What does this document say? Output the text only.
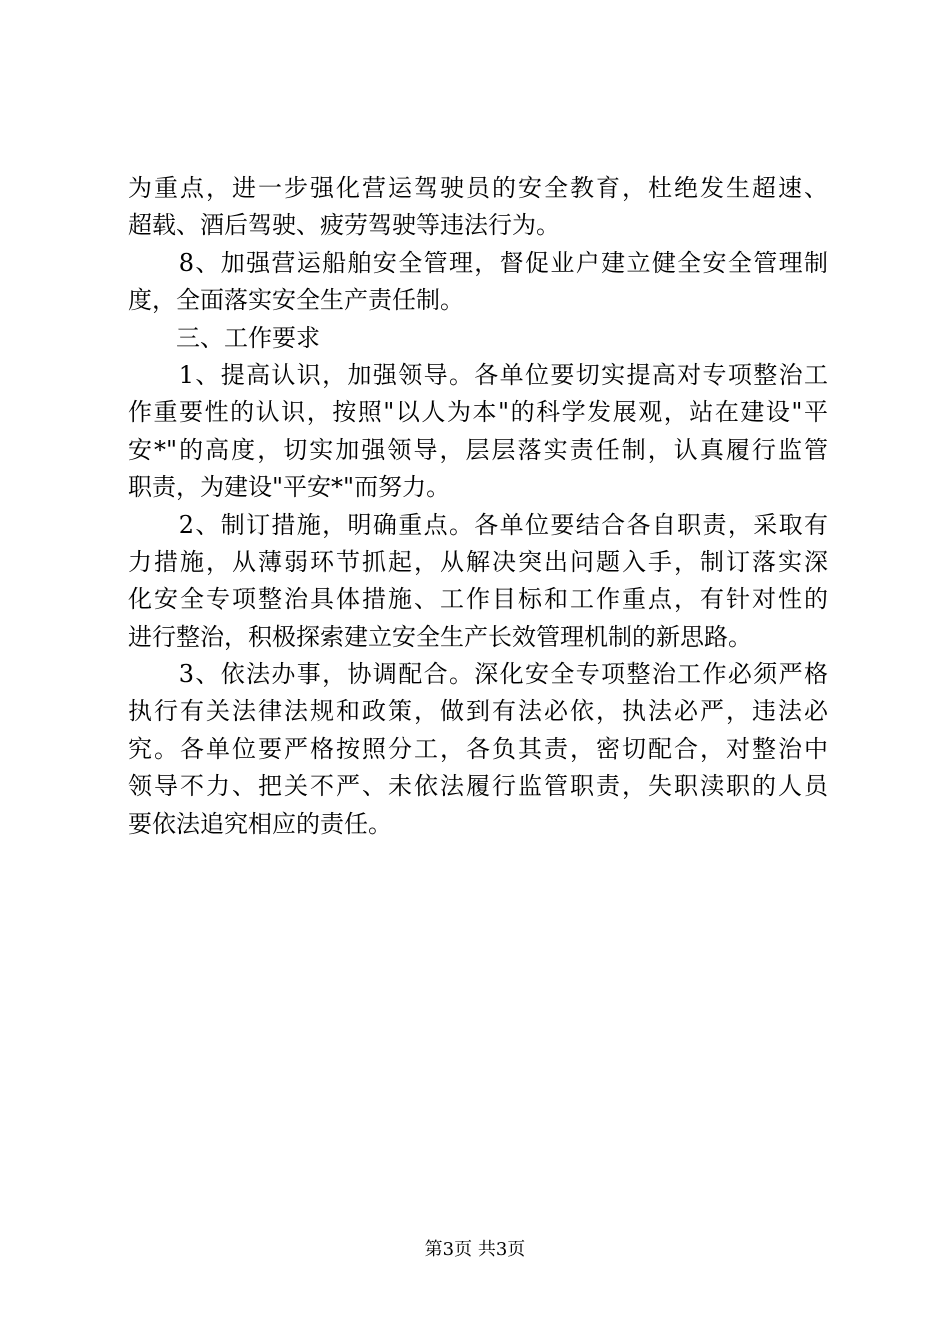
为重点，进一步强化营运驾驶员的安全教育，杜绝发生超速、
超载、酒后驾驶、疲劳驾驶等违法行为。
　　8、加强营运船舶安全管理，督促业户建立健全安全管理制
度，全面落实安全生产责任制。
　　三、工作要求
　　1、提高认识，加强领导。各单位要切实提高对专项整治工
作重要性的认识，按照"以人为本"的科学发展观，站在建设"平
安*"的高度，切实加强领导，层层落实责任制，认真履行监管
职责，为建设"平安*"而努力。
　　2、制订措施，明确重点。各单位要结合各自职责，采取有
力措施，从薄弱环节抓起，从解决突出问题入手，制订落实深
化安全专项整治具体措施、工作目标和工作重点，有针对性的
进行整治，积极探索建立安全生产长效管理机制的新思路。
　　3、依法办事，协调配合。深化安全专项整治工作必须严格
执行有关法律法规和政策，做到有法必依，执法必严，违法必
究。各单位要严格按照分工，各负其责，密切配合，对整治中
领导不力、把关不严、未依法履行监管职责，失职渎职的人员
要依法追究相应的责任。
第3页 共3页
